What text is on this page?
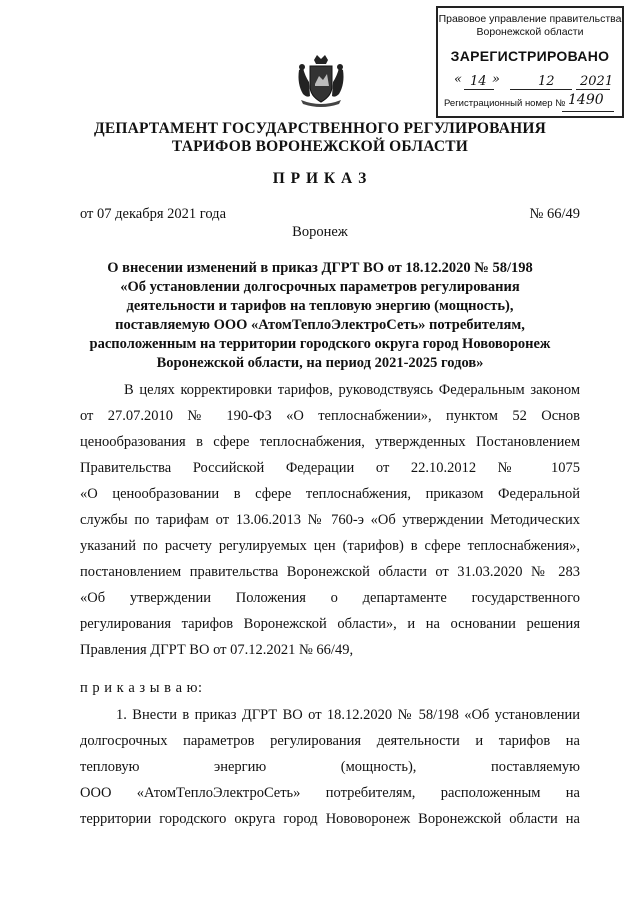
Правовое управление правительства
Воронежской области
ЗАРЕГИСТРИРОВАНО
« 14 »	12 2021
Регистрационный номер № 1490
ДЕПАРТАМЕНТ ГОСУДАРСТВЕННОГО РЕГУЛИРОВАНИЯ
ТАРИФОВ ВОРОНЕЖСКОЙ ОБЛАСТИ
П Р И К А З
от 07 декабря 2021 года	№ 66/49
Воронеж
О внесении изменений в приказ ДГРТ ВО от 18.12.2020 № 58/198
«Об установлении долгосрочных параметров регулирования
деятельности и тарифов на тепловую энергию (мощность),
поставляемую ООО «АтомТеплоЭлектроСеть» потребителям,
расположенным на территории городского округа город Нововоронеж
Воронежской области, на период 2021-2025 годов»
В целях корректировки тарифов, руководствуясь Федеральным законом
от 27.07.2010 № 190-ФЗ «О теплоснабжении», пунктом 52 Основ
ценообразования в сфере теплоснабжения, утвержденных Постановлением
Правительства Российской Федерации от 22.10.2012 № 1075
«О ценообразовании в сфере теплоснабжения, приказом Федеральной
службы по тарифам от 13.06.2013 № 760-э «Об утверждении Методических
указаний по расчету регулируемых цен (тарифов) в сфере теплоснабжения»,
постановлением правительства Воронежской области от 31.03.2020 № 283
«Об утверждении Положения о департаменте государственного
регулирования тарифов Воронежской области», и на основании решения
Правления ДГРТ ВО от 07.12.2021 № 66/49,
п р и к а з ы в а ю:
1. Внести в приказ ДГРТ ВО от 18.12.2020 № 58/198 «Об установлении
долгосрочных параметров регулирования деятельности и тарифов на
тепловую энергию (мощность), поставляемую
ООО «АтомТеплоЭлектроСеть» потребителям, расположенным на
территории городского округа город Нововоронеж Воронежской области на
